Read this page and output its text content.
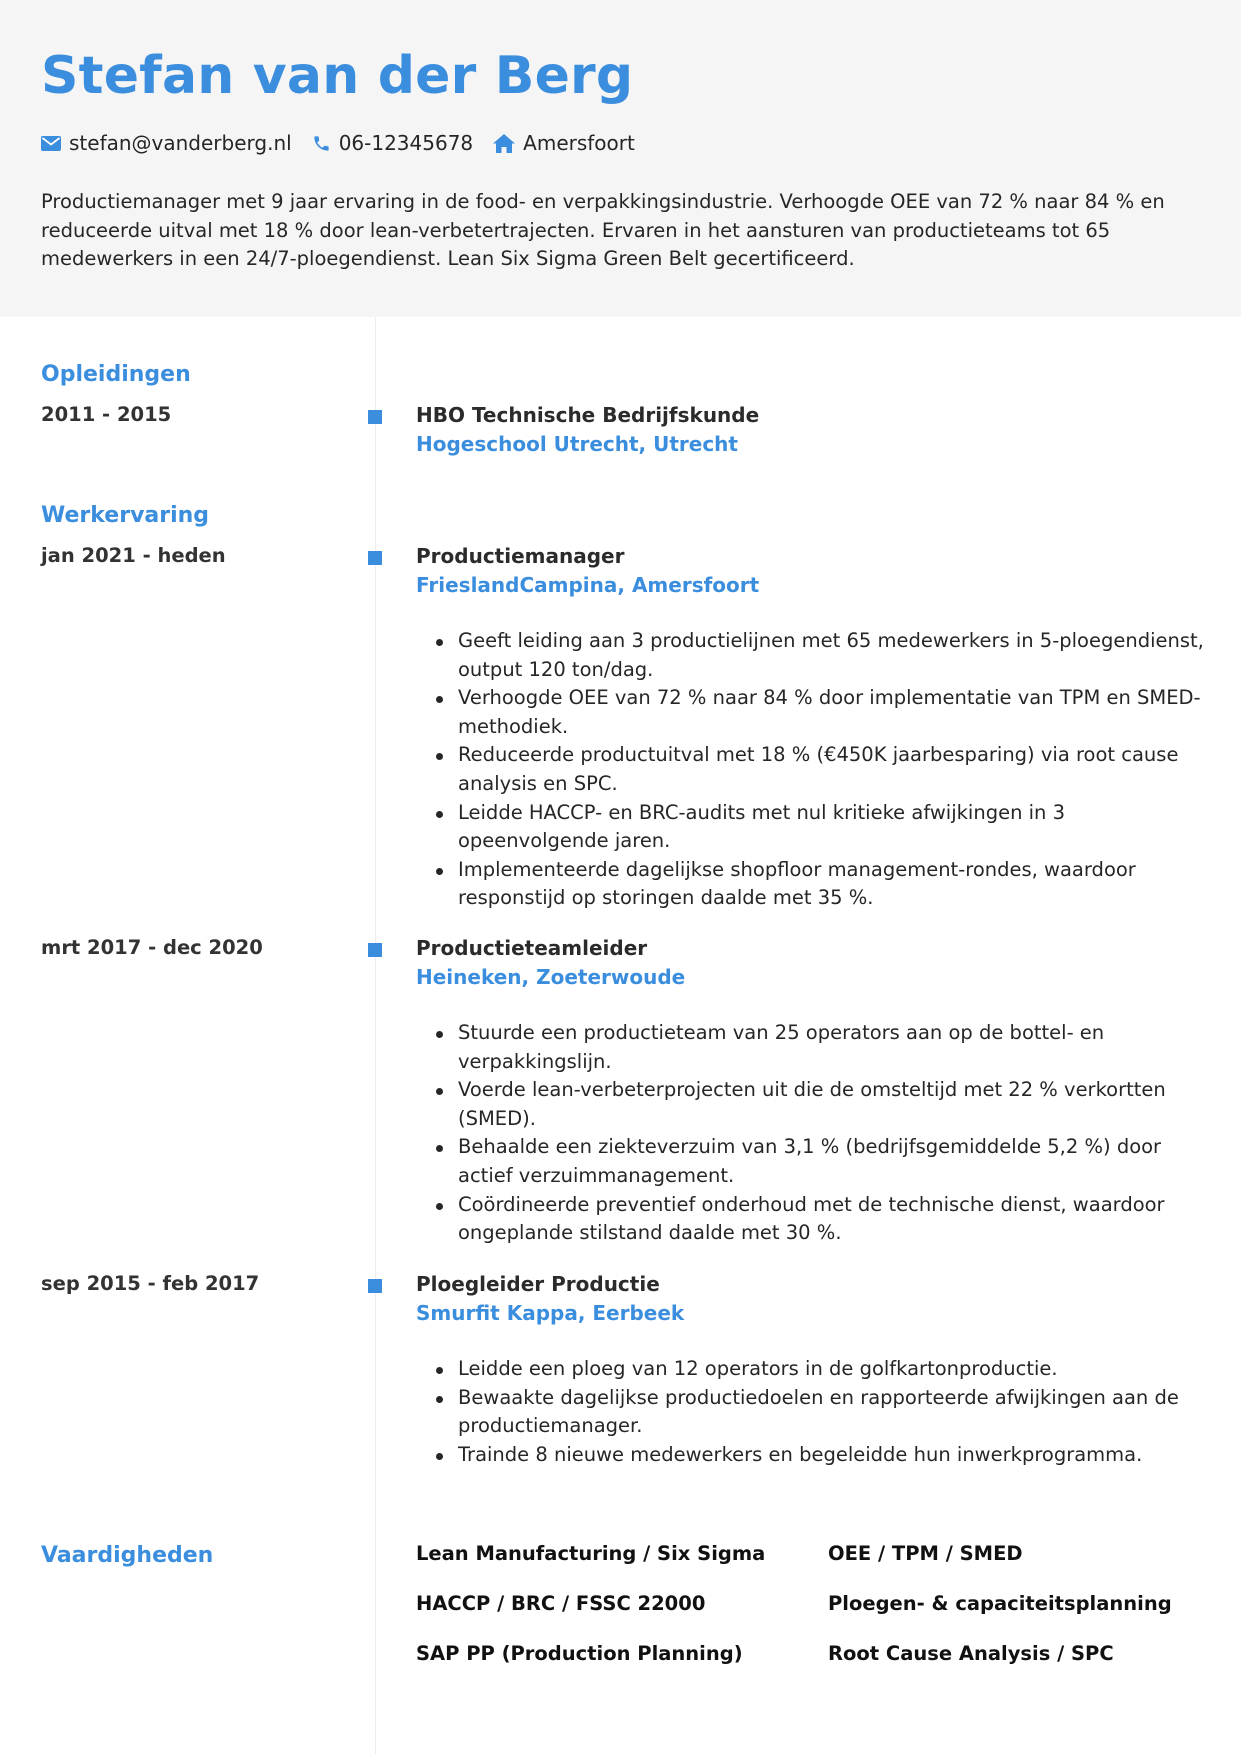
Stefan van der Berg
stefan@vanderberg.nl 06-12345678	Amersfoort

Productiemanager met 9 jaar ervaring in de food- en verpakkingsindustrie. Verhoogde OEE van 72 % naar 84 % en reduceerde uitval met 18 % door lean-verbetertrajecten. Ervaren in het aansturen van productieteams tot 65 medewerkers in een 24/7-ploegendienst. Lean Six Sigma Green Belt gecertificeerd.

Opleidingen
2011 - 2015	HBO Technische Bedrijfskunde
Hogeschool Utrecht, Utrecht
Werkervaring
jan 2021 - heden	Productiemanager
FrieslandCampina, Amersfoort
Geeft leiding aan 3 productielijnen met 65 medewerkers in 5-ploegendienst, output 120 ton/dag.
Verhoogde OEE van 72 % naar 84 % door implementatie van TPM en SMED-methodiek.
Reduceerde productuitval met 18 % (€450K jaarbesparing) via root cause analysis en SPC.
Leidde HACCP- en BRC-audits met nul kritieke afwijkingen in 3 opeenvolgende jaren.
Implementeerde dagelijkse shopfloor management-rondes, waardoor responstijd op storingen daalde met 35 %.
mrt 2017 - dec 2020	Productieteamleider
Heineken, Zoeterwoude
Stuurde een productieteam van 25 operators aan op de bottel- en verpakkingslijn.
Voerde lean-verbeterprojecten uit die de omsteltijd met 22 % verkortten (SMED).
Behaalde een ziekteverzuim van 3,1 % (bedrijfsgemiddelde 5,2 %) door actief verzuimmanagement.
Coördineerde preventief onderhoud met de technische dienst, waardoor ongeplande stilstand daalde met 30 %.
sep 2015 - feb 2017	Ploegleider Productie
Smurfit Kappa, Eerbeek
Leidde een ploeg van 12 operators in de golfkartonproductie.
Bewaakte dagelijkse productiedoelen en rapporteerde afwijkingen aan de productiemanager.
Trainde 8 nieuwe medewerkers en begeleidde hun inwerkprogramma.
Vaardigheden	Lean Manufacturing / Six Sigma	OEE / TPM / SMED
HACCP / BRC / FSSC 22000	Ploegen- & capaciteitsplanning
SAP PP (Production Planning)	Root Cause Analysis / SPC
